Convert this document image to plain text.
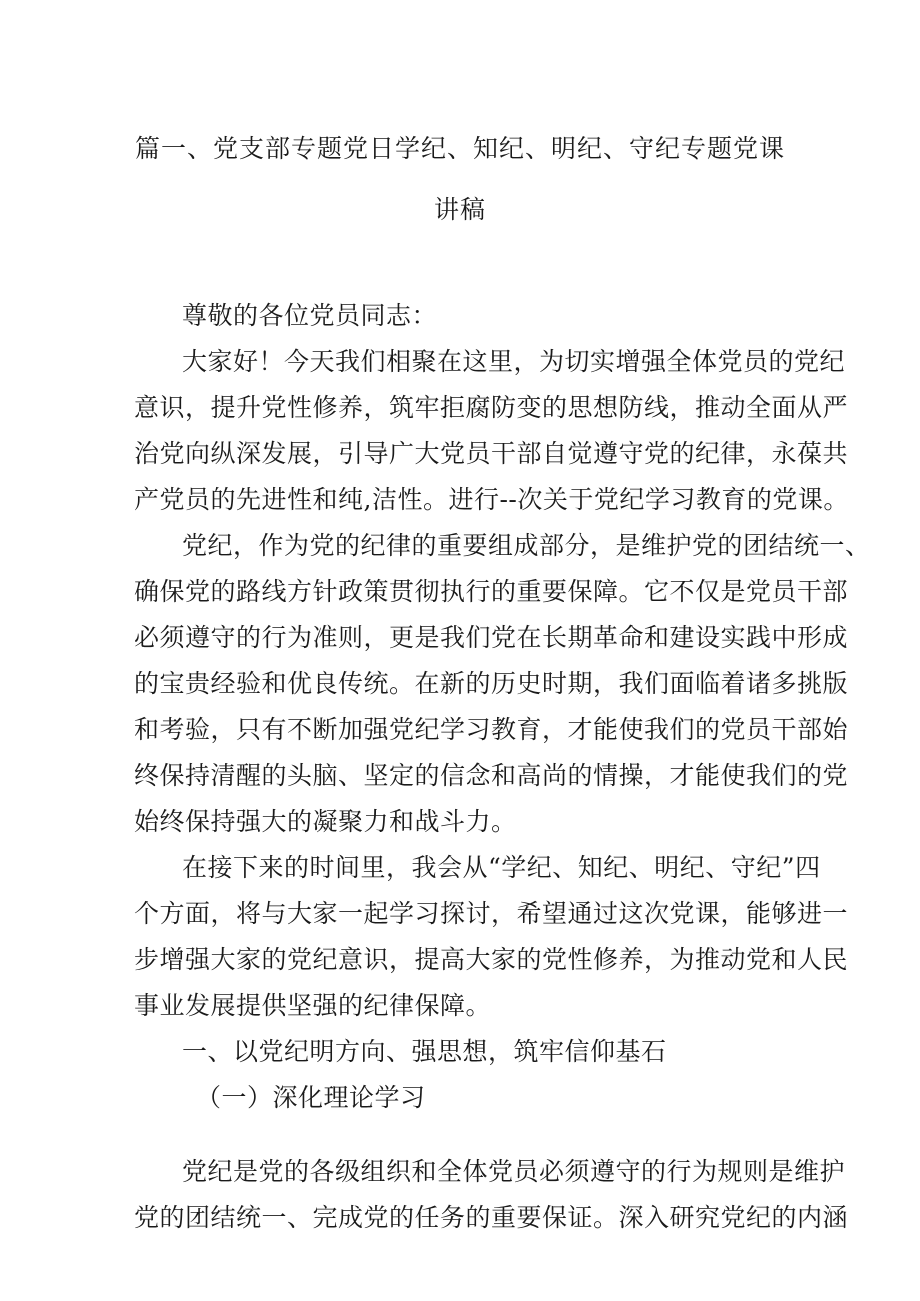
篇一、党支部专题党日学纪、知纪、明纪、守纪专题党课
讲稿
尊敬的各位党员同志：
大家好！今天我们相聚在这里，为切实增强全体党员的党纪
意识，提升党性修养，筑牢拒腐防变的思想防线，推动全面从严
治党向纵深发展，引导广大党员干部自觉遵守党的纪律，永葆共
产党员的先进性和纯,洁性。进行--次关于党纪学习教育的党课。
党纪，作为党的纪律的重要组成部分，是维护党的团结统一、
确保党的路线方针政策贯彻执行的重要保障。它不仅是党员干部
必须遵守的行为准则，更是我们党在长期革命和建设实践中形成
的宝贵经验和优良传统。在新的历史时期，我们面临着诸多挑版
和考验，只有不断加强党纪学习教育，才能使我们的党员干部始
终保持清醒的头脑、坚定的信念和高尚的情操，才能使我们的党
始终保持强大的凝聚力和战斗力。
在接下来的时间里，我会从“学纪、知纪、明纪、守纪”四
个方面，将与大家一起学习探讨，希望通过这次党课，能够进一
步增强大家的党纪意识，提高大家的党性修养，为推动党和人民
事业发展提供坚强的纪律保障。
一、以党纪明方向、强思想，筑牢信仰基石
（一）深化理论学习
党纪是党的各级组织和全体党员必须遵守的行为规则是维护
党的团结统一、完成党的任务的重要保证。深入研究党纪的内涵
